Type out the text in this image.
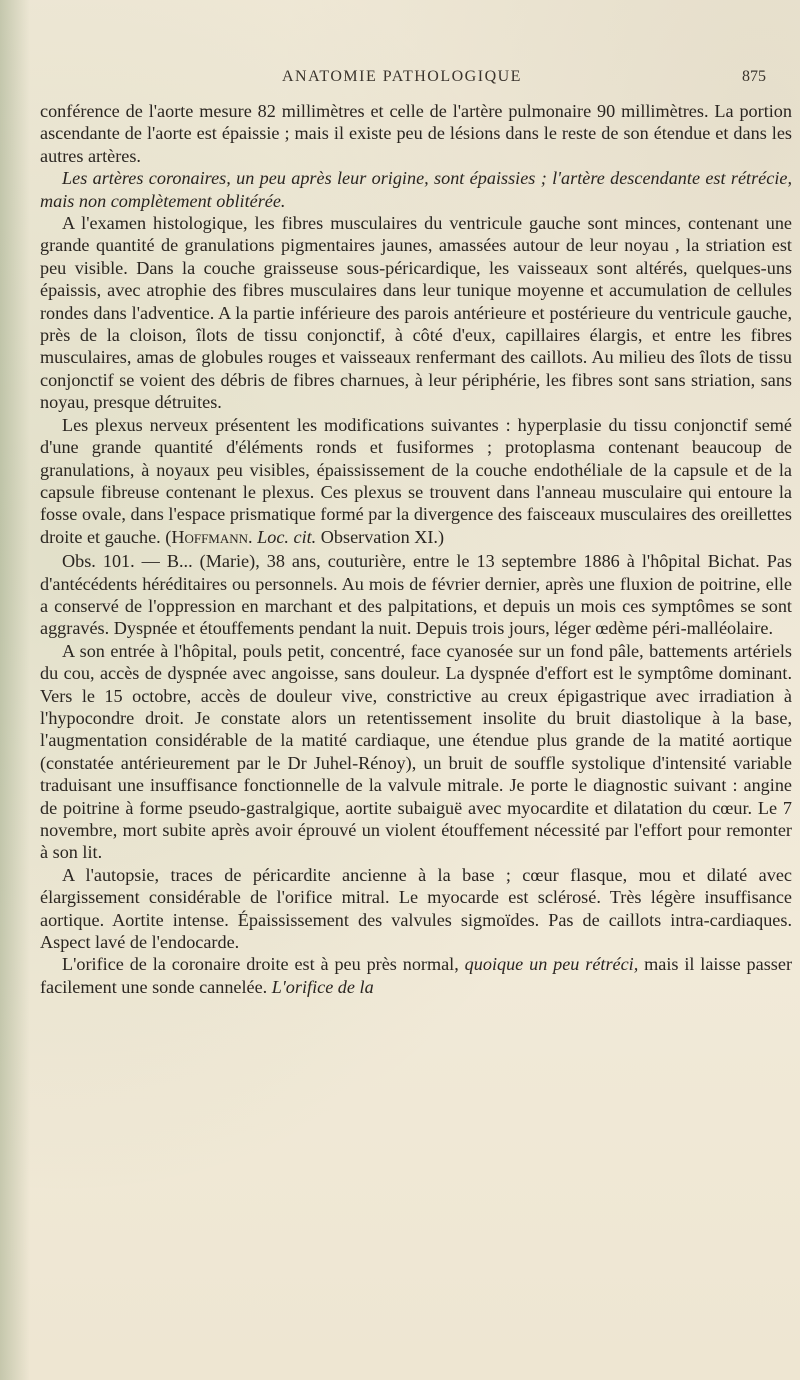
ANATOMIE PATHOLOGIQUE	875

conférence de l'aorte mesure 82 millimètres et celle de l'artère pulmonaire 90 millimètres. La portion ascendante de l'aorte est épaissie ; mais il existe peu de lésions dans le reste de son étendue et dans les autres artères.

Les artères coronaires, un peu après leur origine, sont épaissies ; l'artère descendante est rétrécie, mais non complètement oblitérée.

A l'examen histologique, les fibres musculaires du ventricule gauche sont minces, contenant une grande quantité de granulations pigmentaires jaunes, amassées autour de leur noyau , la striation est peu visible. Dans la couche graisseuse sous-péricardique, les vaisseaux sont altérés, quelques-uns épaissis, avec atrophie des fibres musculaires dans leur tunique moyenne et accumulation de cellules rondes dans l'adventice. A la partie inférieure des parois antérieure et postérieure du ventricule gauche, près de la cloison, îlots de tissu conjonctif, à côté d'eux, capillaires élargis, et entre les fibres musculaires, amas de globules rouges et vaisseaux renfermant des caillots. Au milieu des îlots de tissu conjonctif se voient des débris de fibres charnues, à leur périphérie, les fibres sont sans striation, sans noyau, presque détruites.

Les plexus nerveux présentent les modifications suivantes : hyperplasie du tissu conjonctif semé d'une grande quantité d'éléments ronds et fusiformes ; protoplasma contenant beaucoup de granulations, à noyaux peu visibles, épaississement de la couche endothéliale de la capsule et de la capsule fibreuse contenant le plexus. Ces plexus se trouvent dans l'anneau musculaire qui entoure la fosse ovale, dans l'espace prismatique formé par la divergence des faisceaux musculaires des oreillettes droite et gauche. (Hoffmann. Loc. cit. Observation XI.)

Obs. 101. — B... (Marie), 38 ans, couturière, entre le 13 septembre 1886 à l'hôpital Bichat. Pas d'antécédents héréditaires ou personnels. Au mois de février dernier, après une fluxion de poitrine, elle a conservé de l'oppression en marchant et des palpitations, et depuis un mois ces symptômes se sont aggravés. Dyspnée et étouffements pendant la nuit. Depuis trois jours, léger œdème péri-malléolaire.

A son entrée à l'hôpital, pouls petit, concentré, face cyanosée sur un fond pâle, battements artériels du cou, accès de dyspnée avec angoisse, sans douleur. La dyspnée d'effort est le symptôme dominant. Vers le 15 octobre, accès de douleur vive, constrictive au creux épigastrique avec irradiation à l'hypocondre droit. Je constate alors un retentissement insolite du bruit diastolique à la base, l'augmentation considérable de la matité cardiaque, une étendue plus grande de la matité aortique (constatée antérieurement par le Dr Juhel-Rénoy), un bruit de souffle systolique d'intensité variable traduisant une insuffisance fonctionnelle de la valvule mitrale. Je porte le diagnostic suivant : angine de poitrine à forme pseudo-gastralgique, aortite subaiguë avec myocardite et dilatation du cœur. Le 7 novembre, mort subite après avoir éprouvé un violent étouffement nécessité par l'effort pour remonter à son lit.

A l'autopsie, traces de péricardite ancienne à la base ; cœur flasque, mou et dilaté avec élargissement considérable de l'orifice mitral. Le myocarde est sclérosé. Très légère insuffisance aortique. Aortite intense. Épaississement des valvules sigmoïdes. Pas de caillots intra-cardiaques. Aspect lavé de l'endocarde.

L'orifice de la coronaire droite est à peu près normal, quoique un peu rétréci, mais il laisse passer facilement une sonde cannelée. L'orifice de la
